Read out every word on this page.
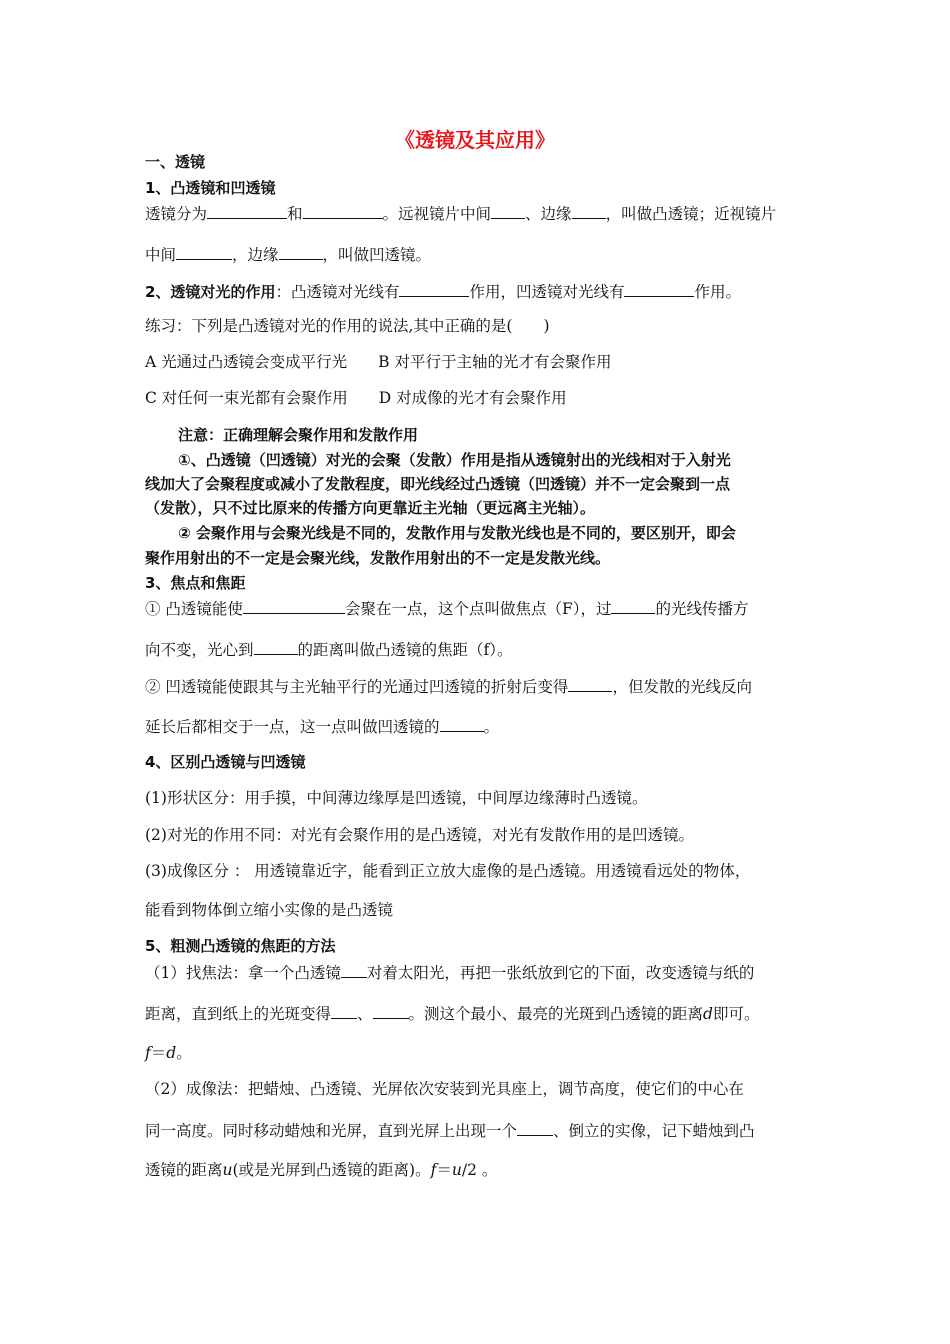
《透镜及其应用》
一、透镜
1、凸透镜和凹透镜
透镜分为	和	。远视镜片中间 、边缘 ，叫做凸透镜；近视镜片
中间	，边缘	，叫做凹透镜。
2、透镜对光的作用：凸透镜对光线有	作用，凹透镜对光线有	作用。
练习：下列是凸透镜对光的作用的说法,其中正确的是(　　)
A 光通过凸透镜会变成平行光　　B 对平行于主轴的光才有会聚作用
C 对任何一束光都有会聚作用　　D 对成像的光才有会聚作用
注意：正确理解会聚作用和发散作用
①、凸透镜（凹透镜）对光的会聚（发散）作用是指从透镜射出的光线相对于入射光
线加大了会聚程度或减小了发散程度，即光线经过凸透镜（凹透镜）并不一定会聚到一点
（发散），只不过比原来的传播方向更靠近主光轴（更远离主光轴）。
② 会聚作用与会聚光线是不同的，发散作用与发散光线也是不同的，要区别开，即会
聚作用射出的不一定是会聚光线，发散作用射出的不一定是发散光线。
3、焦点和焦距
① 凸透镜能使	会聚在一点，这个点叫做焦点（F），过	的光线传播方
向不变，光心到	的距离叫做凸透镜的焦距（f）。
② 凹透镜能使跟其与主光轴平行的光通过凹透镜的折射后变得	，但发散的光线反向
延长后都相交于一点，这一点叫做凹透镜的	。
4、区别凸透镜与凹透镜
(1)形状区分：用手摸，中间薄边缘厚是凹透镜，中间厚边缘薄时凸透镜。
(2)对光的作用不同：对光有会聚作用的是凸透镜，对光有发散作用的是凹透镜。
(3)成像区分 ： 用透镜靠近字，能看到正立放大虚像的是凸透镜。用透镜看远处的物体，
能看到物体倒立缩小实像的是凸透镜
5、粗测凸透镜的焦距的方法
（1）找焦法：拿一个凸透镜 对着太阳光，再把一张纸放到它的下面，改变透镜与纸的
距离，直到纸上的光斑变得 、 。测这个最小、最亮的光斑到凸透镜的距离d即可。
f＝d。
（2）成像法：把蜡烛、凸透镜、光屏依次安装到光具座上，调节高度，使它们的中心在
同一高度。同时移动蜡烛和光屏，直到光屏上出现一个 、倒立的实像，记下蜡烛到凸
透镜的距离u(或是光屏到凸透镜的距离)。f＝u/2 。
